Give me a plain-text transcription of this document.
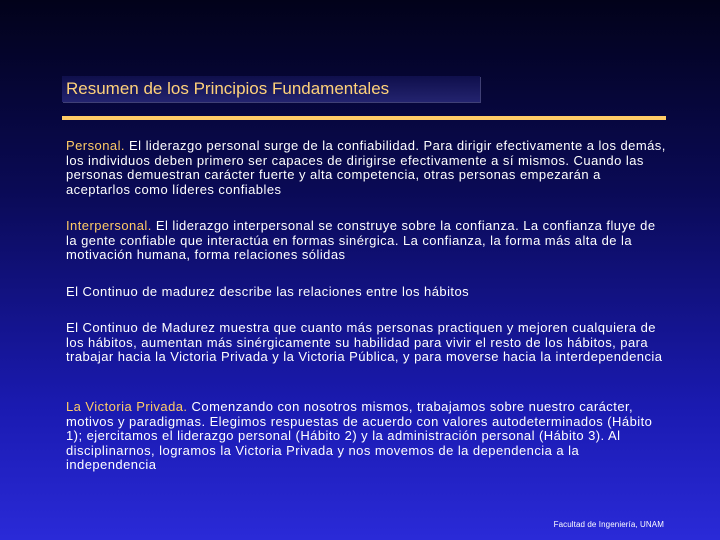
Resumen de los Principios Fundamentales

Personal. El liderazgo personal surge de la confiabilidad. Para dirigir efectivamente a los demás, los individuos deben primero ser capaces de dirigirse efectivamente a sí mismos. Cuando las personas demuestran carácter fuerte y alta competencia, otras personas empezarán a aceptarlos como líderes confiables

Interpersonal. El liderazgo interpersonal se construye sobre la confianza. La confianza fluye de la gente confiable que interactúa en formas sinérgica. La confianza, la forma más alta de la motivación humana, forma relaciones sólidas

El Continuo de madurez describe las relaciones entre los hábitos

El Continuo de Madurez muestra que cuanto más personas practiquen y mejoren cualquiera de los hábitos, aumentan más sinérgicamente su habilidad para vivir el resto de los hábitos, para trabajar hacia la Victoria Privada y la Victoria Pública, y para moverse hacia la interdependencia

La Victoria Privada. Comenzando con nosotros mismos, trabajamos sobre nuestro carácter, motivos y paradigmas. Elegimos respuestas de acuerdo con valores autodeterminados (Hábito 1); ejercitamos el liderazgo personal (Hábito 2) y la administración personal (Hábito 3). Al disciplinarnos, logramos la Victoria Privada y nos movemos de la dependencia a la independencia

Facultad de Ingeniería, UNAM
